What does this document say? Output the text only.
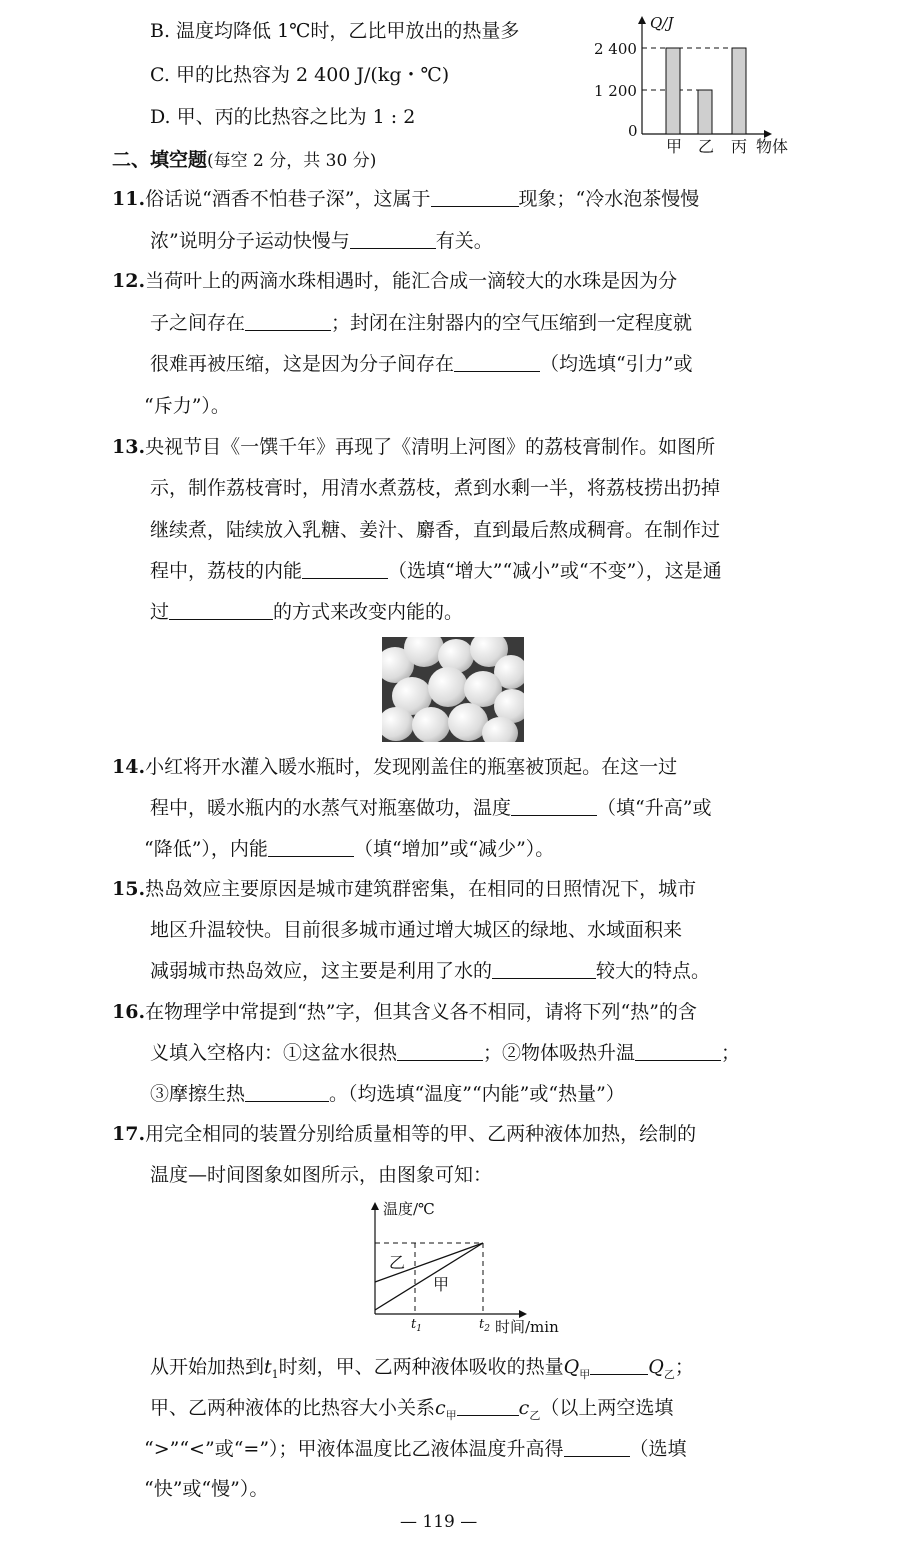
B. 温度均降低 1℃时，乙比甲放出的热量多
C. 甲的比热容为 2 400 J/(kg・℃)
D. 甲、丙的比热容之比为 1 : 2
Q/J
2 400
1 200
0
甲 乙 丙 物体
二、填空题(每空 2 分，共 30 分)
11.俗话说“酒香不怕巷子深”，这属于	现象；“冷水泡茶慢慢
浓”说明分子运动快慢与	有关。
12.当荷叶上的两滴水珠相遇时，能汇合成一滴较大的水珠是因为分
子之间存在	；封闭在注射器内的空气压缩到一定程度就
很难再被压缩，这是因为分子间存在	（均选填“引力”或
“斥力”）。
13.央视节目《一馔千年》再现了《清明上河图》的荔枝膏制作。如图所
示，制作荔枝膏时，用清水煮荔枝，煮到水剩一半，将荔枝捞出扔掉
继续煮，陆续放入乳糖、姜汁、麝香，直到最后熬成稠膏。在制作过
程中，荔枝的内能	（选填“增大”“减小”或“不变”），这是通
过	的方式来改变内能的。
14.小红将开水灌入暖水瓶时，发现刚盖住的瓶塞被顶起。在这一过
程中，暖水瓶内的水蒸气对瓶塞做功，温度	（填“升高”或
“降低”），内能	（填“增加”或“减少”）。
15.热岛效应主要原因是城市建筑群密集，在相同的日照情况下，城市
地区升温较快。目前很多城市通过增大城区的绿地、水域面积来
减弱城市热岛效应，这主要是利用了水的	较大的特点。
16.在物理学中常提到“热”字，但其含义各不相同，请将下列“热”的含
义填入空格内：①这盆水很热	；②物体吸热升温	；
③摩擦生热	。（均选填“温度”“内能”或“热量”）
17.用完全相同的装置分别给质量相等的甲、乙两种液体加热，绘制的
温度—时间图象如图所示，由图象可知：
温度/℃
乙
甲
$t_1$	$t_2$ 时间/min
从开始加热到$t_1$时刻，甲、乙两种液体吸收的热量$Q_甲$	$Q_乙$；
甲、乙两种液体的比热容大小关系$c_甲$	$c_乙$（以上两空选填
“>”“<”或“=”）；甲液体温度比乙液体温度升高得	（选填
“快”或“慢”）。
— 119 —
